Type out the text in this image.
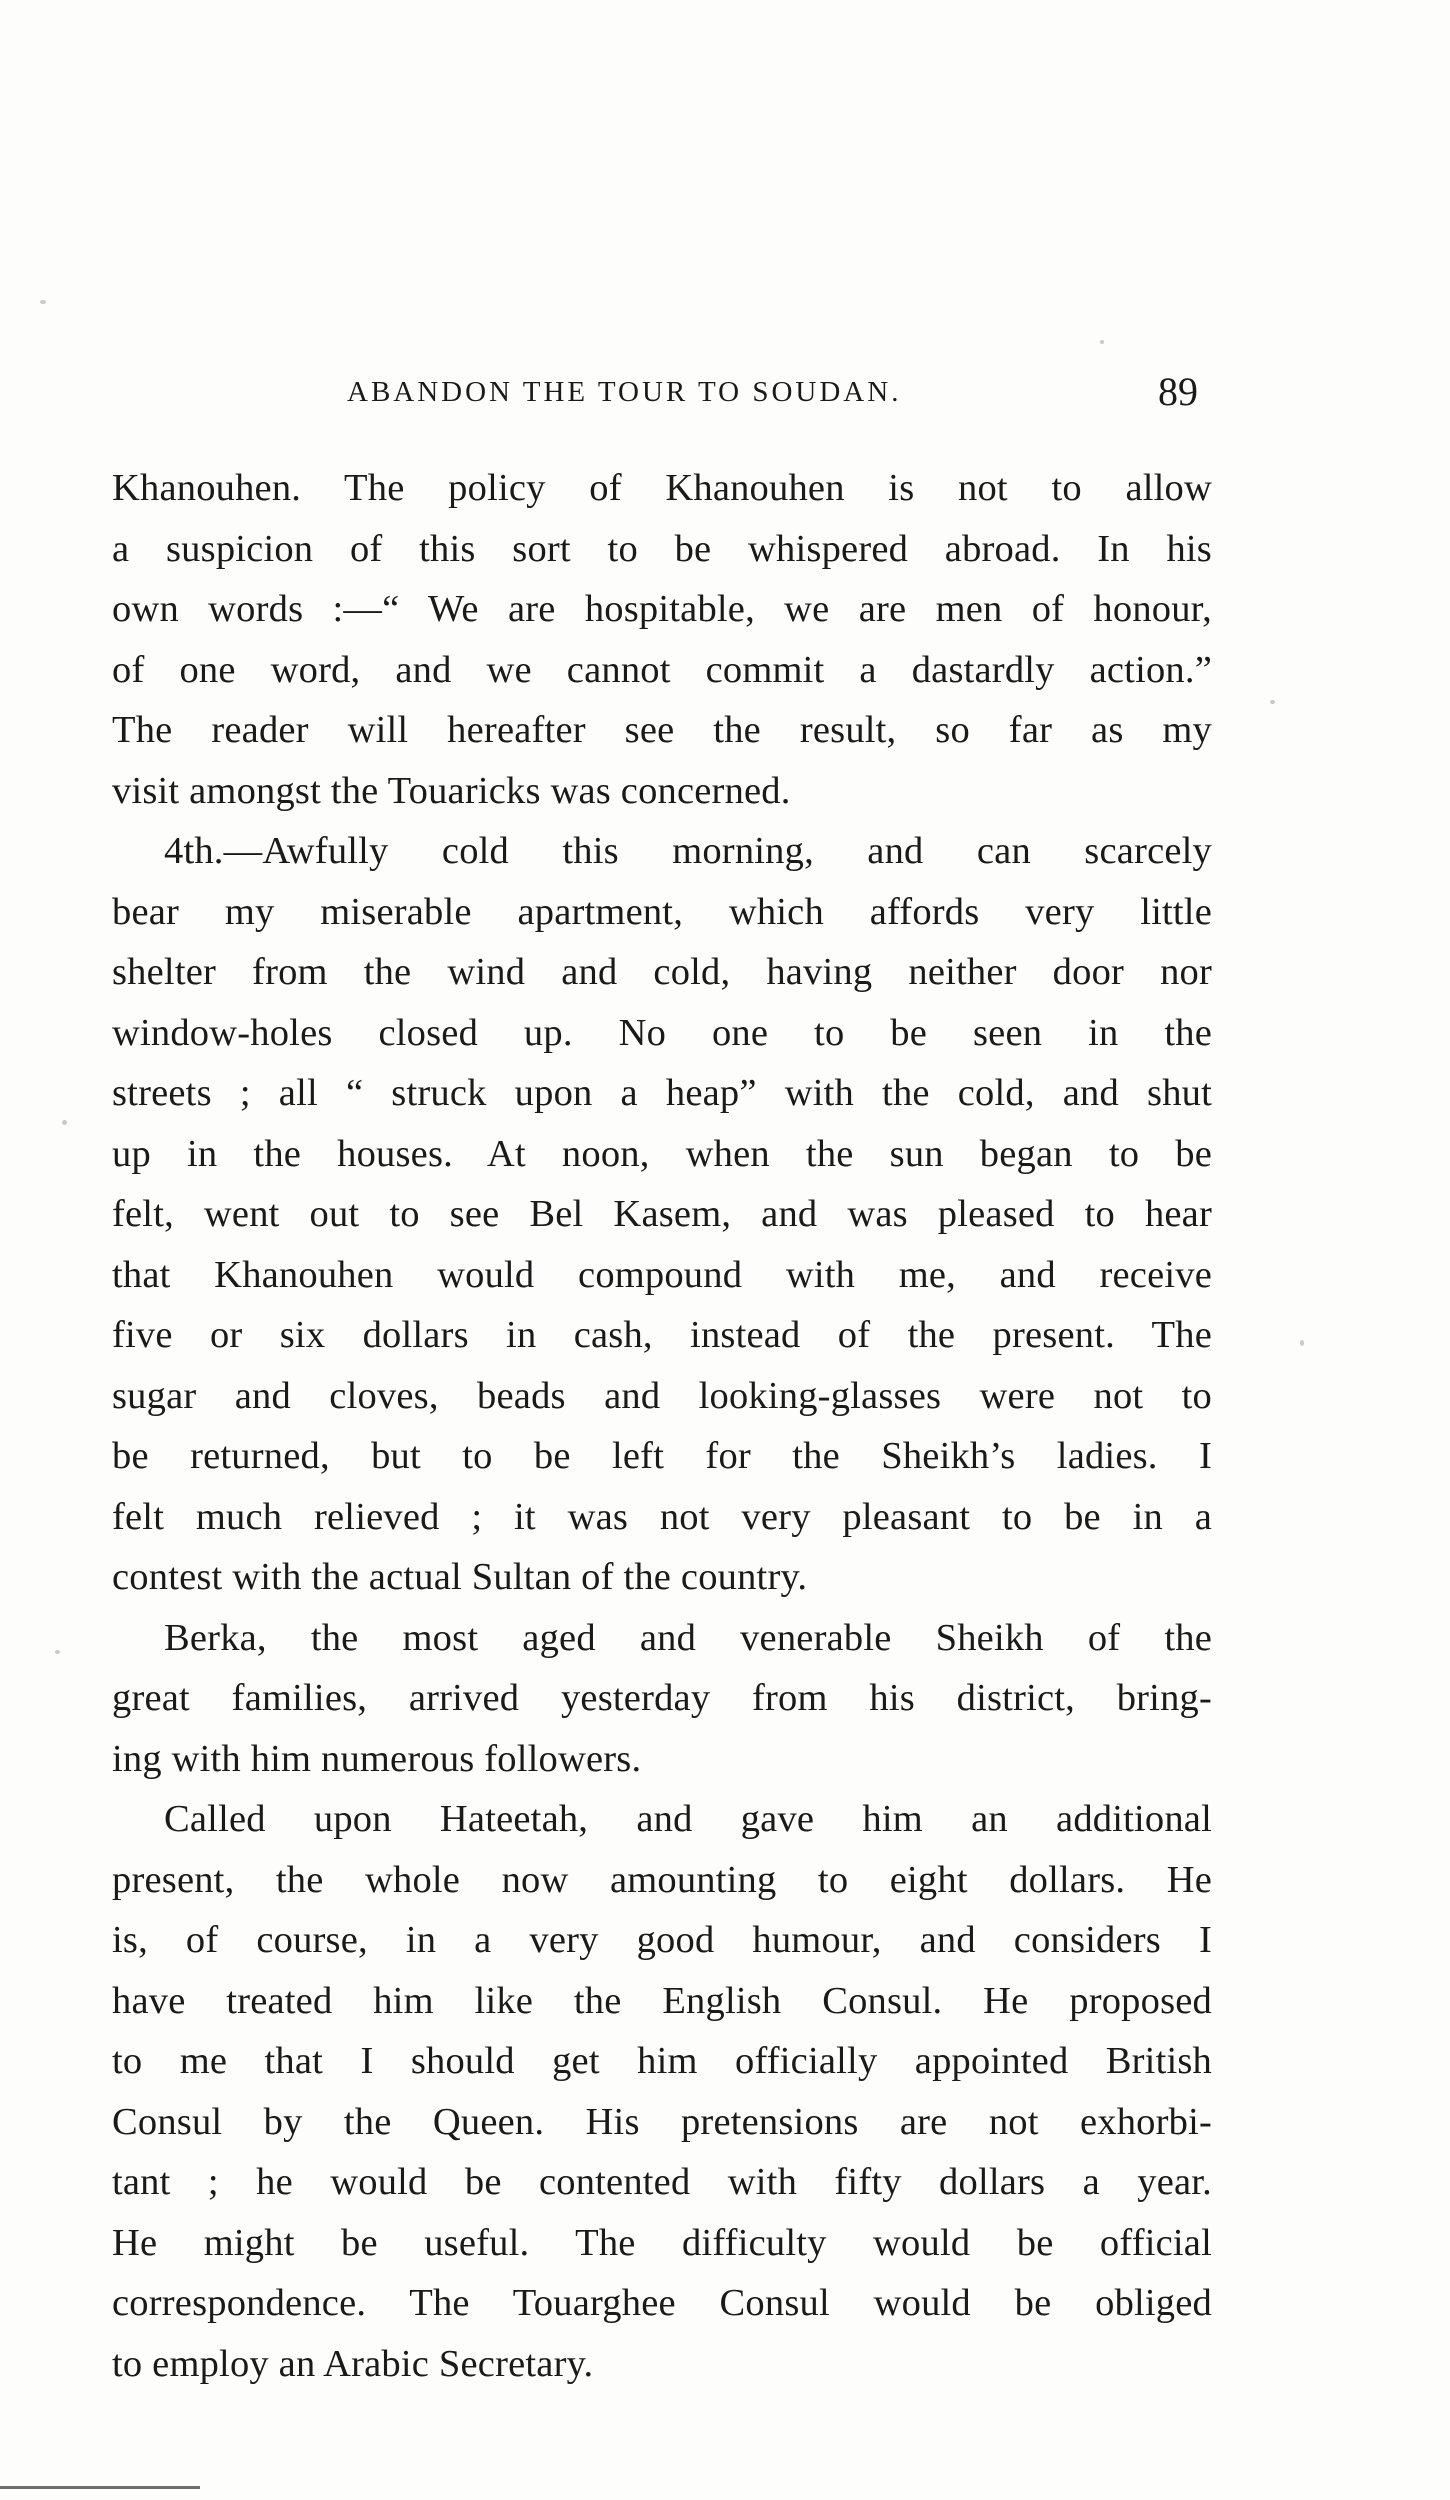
ABANDON THE TOUR TO SOUDAN.	89
Khanouhen. The policy of Khanouhen is not to allow
a suspicion of this sort to be whispered abroad. In his
own words :—“ We are hospitable, we are men of honour,
of one word, and we cannot commit a dastardly action.”
The reader will hereafter see the result, so far as my
visit amongst the Touaricks was concerned.
4th.—Awfully cold this morning, and can scarcely
bear my miserable apartment, which affords very little
shelter from the wind and cold, having neither door nor
window-holes closed up. No one to be seen in the
streets ; all “ struck upon a heap” with the cold, and shut
up in the houses. At noon, when the sun began to be
felt, went out to see Bel Kasem, and was pleased to hear
that Khanouhen would compound with me, and receive
five or six dollars in cash, instead of the present. The
sugar and cloves, beads and looking-glasses were not to
be returned, but to be left for the Sheikh’s ladies. I
felt much relieved ; it was not very pleasant to be in a
contest with the actual Sultan of the country.
Berka, the most aged and venerable Sheikh of the
great families, arrived yesterday from his district, bring-
ing with him numerous followers.
Called upon Hateetah, and gave him an additional
present, the whole now amounting to eight dollars. He
is, of course, in a very good humour, and considers I
have treated him like the English Consul. He proposed
to me that I should get him officially appointed British
Consul by the Queen. His pretensions are not exhorbi-
tant ; he would be contented with fifty dollars a year.
He might be useful. The difficulty would be official
correspondence. The Touarghee Consul would be obliged
to employ an Arabic Secretary.
